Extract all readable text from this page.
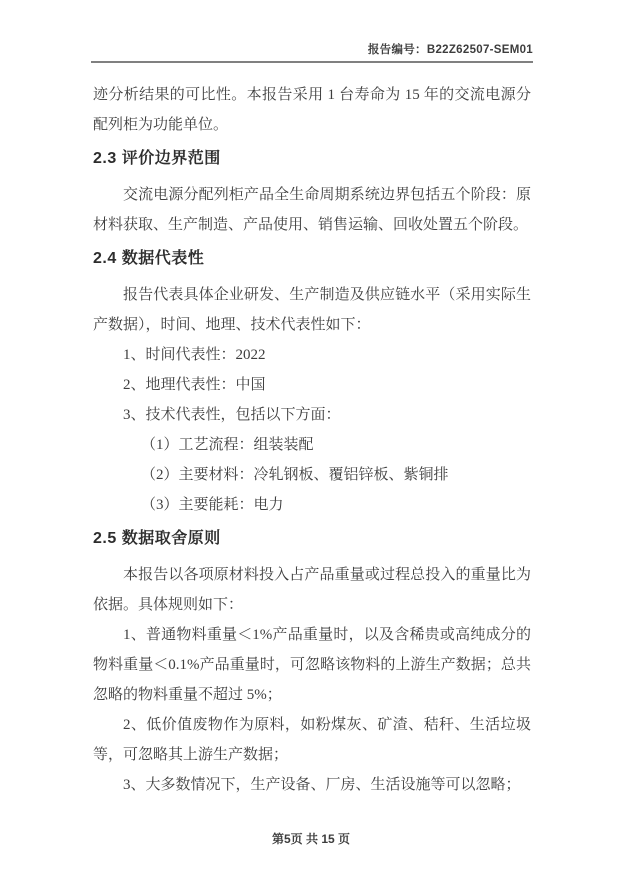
报告编号：B22Z62507-SEM01

迹分析结果的可比性。本报告采用 1 台寿命为 15 年的交流电源分配列柜为功能单位。

2.3 评价边界范围

交流电源分配列柜产品全生命周期系统边界包括五个阶段：原材料获取、生产制造、产品使用、销售运输、回收处置五个阶段。

2.4 数据代表性

报告代表具体企业研发、生产制造及供应链水平（采用实际生产数据），时间、地理、技术代表性如下：

1、时间代表性：2022

2、地理代表性：中国

3、技术代表性，包括以下方面：

（1）工艺流程：组装装配

（2）主要材料：冷轧钢板、覆铝锌板、紫铜排

（3）主要能耗：电力

2.5 数据取舍原则

本报告以各项原材料投入占产品重量或过程总投入的重量比为依据。具体规则如下：

1、普通物料重量＜1%产品重量时，以及含稀贵或高纯成分的物料重量＜0.1%产品重量时，可忽略该物料的上游生产数据；总共忽略的物料重量不超过 5%；

2、低价值废物作为原料，如粉煤灰、矿渣、秸秆、生活垃圾等，可忽略其上游生产数据；

3、大多数情况下，生产设备、厂房、生活设施等可以忽略；

第5页 共 15 页
